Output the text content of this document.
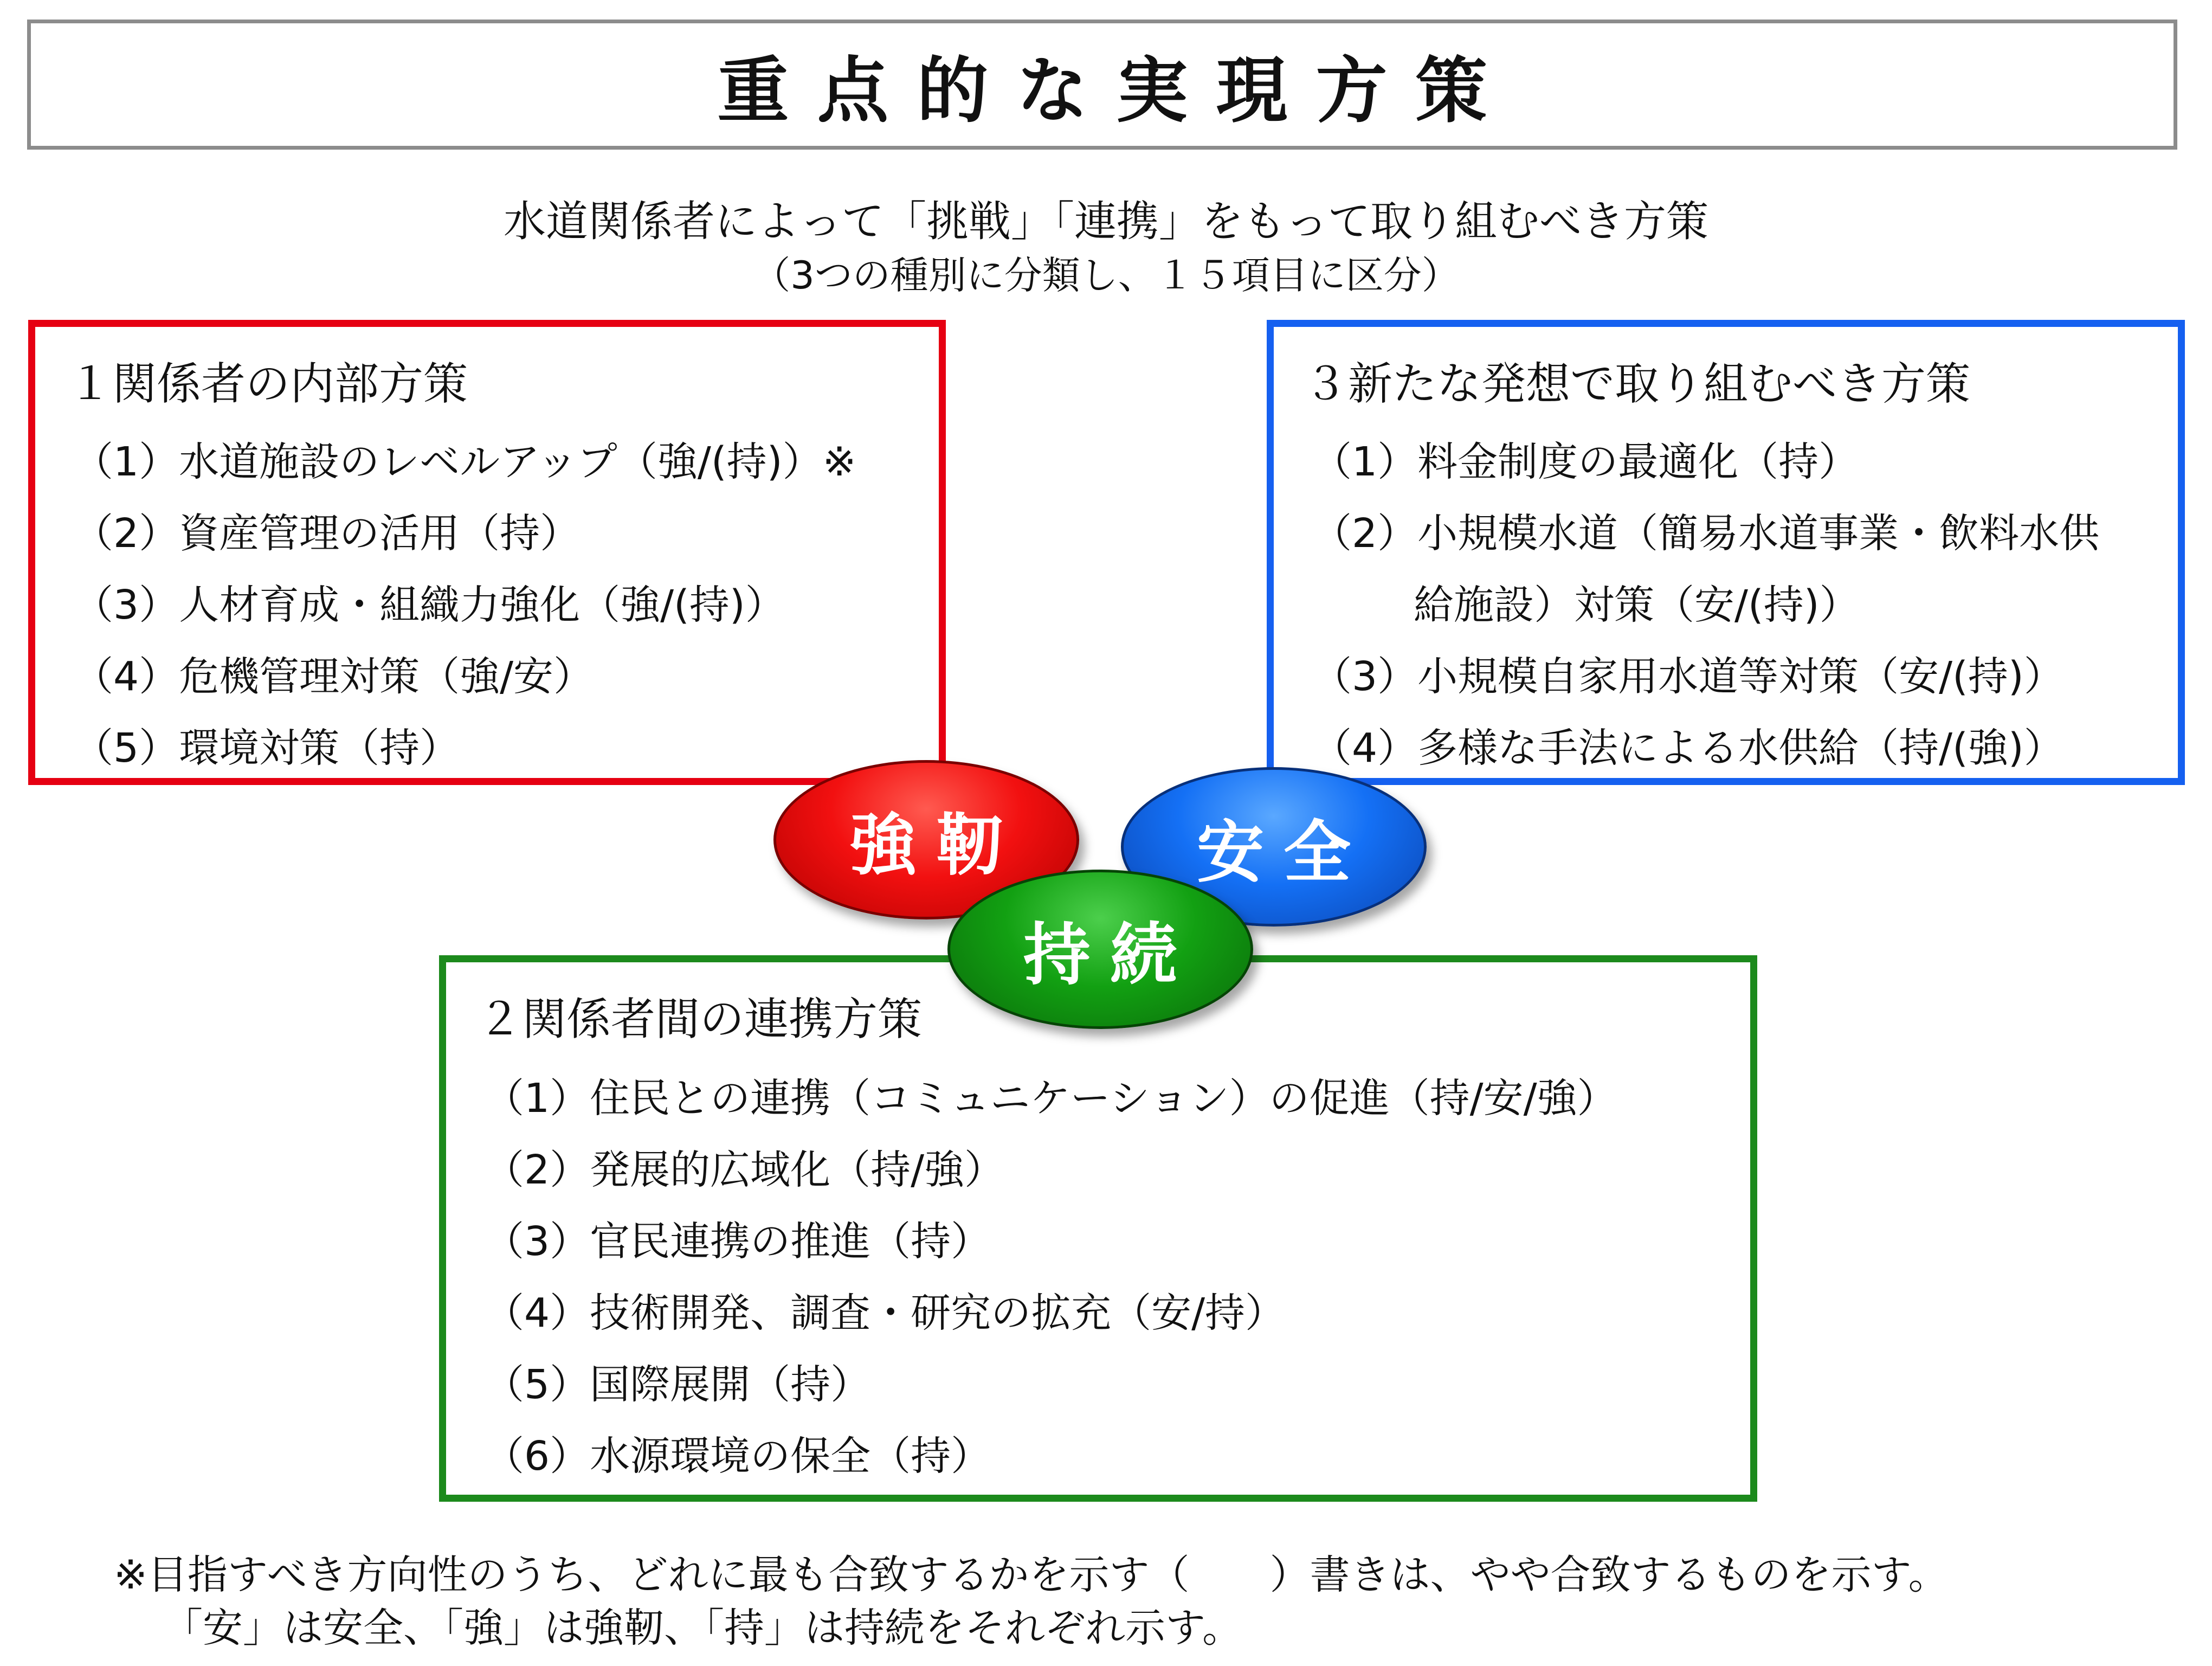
重点的な実現方策
水道関係者によって「挑戦」「連携」をもって取り組むべき方策
（3つの種別に分類し、１５項目に区分）
１関係者の内部方策
（1）水道施設のレベルアップ（強/(持)）※
（2）資産管理の活用（持）
（3）人材育成・組織力強化（強/(持)）
（4）危機管理対策（強/安）
（5）環境対策（持）
３新たな発想で取り組むべき方策
（1）料金制度の最適化（持）
（2）小規模水道（簡易水道事業・飲料水供
給施設）対策（安/(持)）
（3）小規模自家用水道等対策（安/(持)）
（4）多様な手法による水供給（持/(強)）
２関係者間の連携方策
（1）住民との連携（コミュニケーション）の促進（持/安/強）
（2）発展的広域化（持/強）
（3）官民連携の推進（持）
（4）技術開発、調査・研究の拡充（安/持）
（5）国際展開（持）
（6）水源環境の保全（持）
強靭	安全
持続
※目指すべき方向性のうち、どれに最も合致するかを示す（　　）書きは、やや合致するものを示す。
「安」は安全、「強」は強靭、「持」は持続をそれぞれ示す。
